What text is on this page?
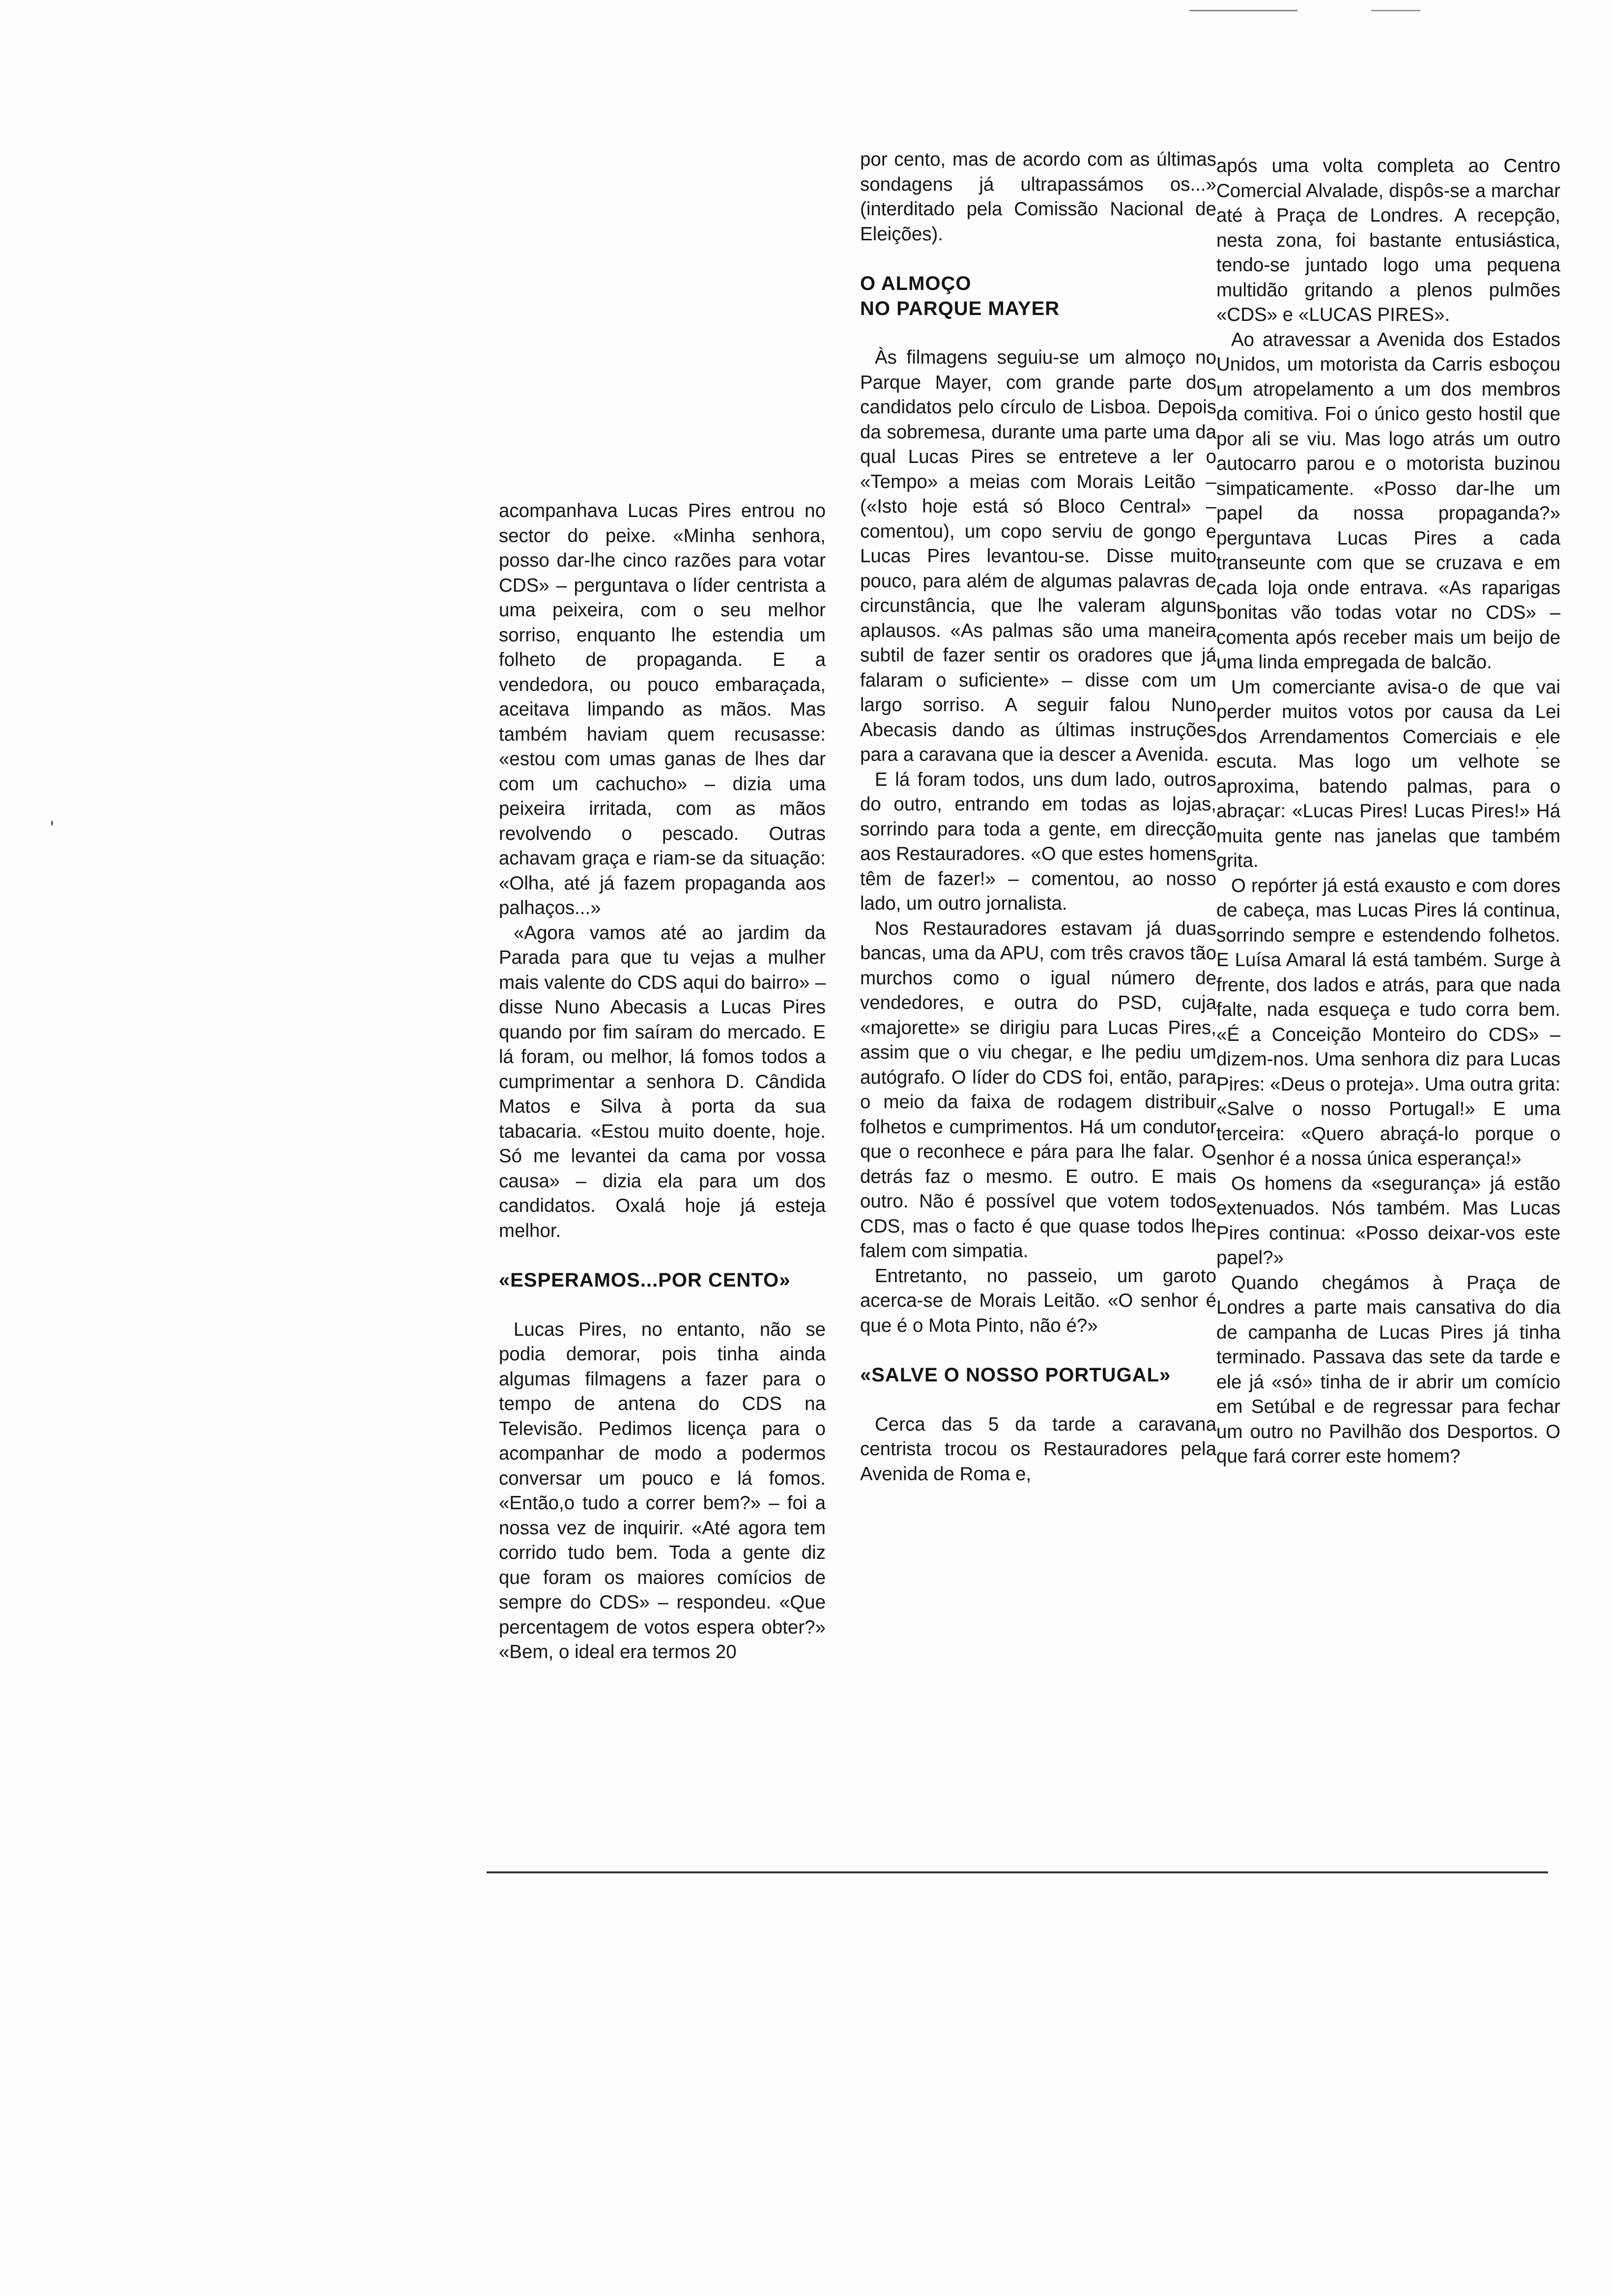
acompanhava Lucas Pires entrou no sector do peixe. «Minha senhora, posso dar-lhe cinco razões para votar CDS» – perguntava o líder centrista a uma peixeira, com o seu melhor sorriso, enquanto lhe estendia um folheto de propaganda. E a vendedora, ou pouco embaraçada, aceitava limpando as mãos. Mas também haviam quem recusasse: «estou com umas ganas de lhes dar com um cachucho» – dizia uma peixeira irritada, com as mãos revolvendo o pescado. Outras achavam graça e riam-se da situação: «Olha, até já fazem propaganda aos palhaços...»

«Agora vamos até ao jardim da Parada para que tu vejas a mulher mais valente do CDS aqui do bairro» – disse Nuno Abecasis a Lucas Pires quando por fim saíram do mercado. E lá foram, ou melhor, lá fomos todos a cumprimentar a senhora D. Cândida Matos e Silva à porta da sua tabacaria. «Estou muito doente, hoje. Só me levantei da cama por vossa causa» – dizia ela para um dos candidatos. Oxalá hoje já esteja melhor.

«ESPERAMOS...POR CENTO»

Lucas Pires, no entanto, não se podia demorar, pois tinha ainda algumas filmagens a fazer para o tempo de antena do CDS na Televisão. Pedimos licença para o acompanhar de modo a podermos conversar um pouco e lá fomos. «Então,o tudo a correr bem?» – foi a nossa vez de inquirir. «Até agora tem corrido tudo bem. Toda a gente diz que foram os maiores comícios de sempre do CDS» – respondeu. «Que percentagem de votos espera obter?» «Bem, o ideal era termos 20

por cento, mas de acordo com as últimas sondagens já ultrapassámos os...» (interditado pela Comissão Nacional de Eleições).

O ALMOÇO
NO PARQUE MAYER

Às filmagens seguiu-se um almoço no Parque Mayer, com grande parte dos candidatos pelo círculo de Lisboa. Depois da sobremesa, durante uma parte uma da qual Lucas Pires se entreteve a ler o «Tempo» a meias com Morais Leitão – («Isto hoje está só Bloco Central» – comentou), um copo serviu de gongo e Lucas Pires levantou-se. Disse muito pouco, para além de algumas palavras de circunstância, que lhe valeram alguns aplausos. «As palmas são uma maneira subtil de fazer sentir os oradores que já falaram o suficiente» – disse com um largo sorriso. A seguir falou Nuno Abecasis dando as últimas instruções para a caravana que ia descer a Avenida.

E lá foram todos, uns dum lado, outros do outro, entrando em todas as lojas, sorrindo para toda a gente, em direcção aos Restauradores. «O que estes homens têm de fazer!» – comentou, ao nosso lado, um outro jornalista.

Nos Restauradores estavam já duas bancas, uma da APU, com três cravos tão murchos como o igual número de vendedores, e outra do PSD, cuja «majorette» se dirigiu para Lucas Pires, assim que o viu chegar, e lhe pediu um autógrafo. O líder do CDS foi, então, para o meio da faixa de rodagem distribuir folhetos e cumprimentos. Há um condutor que o reconhece e pára para lhe falar. O detrás faz o mesmo. E outro. E mais outro. Não é possível que votem todos CDS, mas o facto é que quase todos lhe falem com simpatia.

Entretanto, no passeio, um garoto acerca-se de Morais Leitão. «O senhor é que é o Mota Pinto, não é?»

«SALVE O NOSSO PORTUGAL»

Cerca das 5 da tarde a caravana centrista trocou os Restauradores pela Avenida de Roma e,

após uma volta completa ao Centro Comercial Alvalade, dispôs-se a marchar até à Praça de Londres. A recepção, nesta zona, foi bastante entusiástica, tendo-se juntado logo uma pequena multidão gritando a plenos pulmões «CDS» e «LUCAS PIRES».

Ao atravessar a Avenida dos Estados Unidos, um motorista da Carris esboçou um atropelamento a um dos membros da comitiva. Foi o único gesto hostil que por ali se viu. Mas logo atrás um outro autocarro parou e o motorista buzinou simpaticamente. «Posso dar-lhe um papel da nossa propaganda?» perguntava Lucas Pires a cada transeunte com que se cruzava e em cada loja onde entrava. «As raparigas bonitas vão todas votar no CDS» – comenta após receber mais um beijo de uma linda empregada de balcão.

Um comerciante avisa-o de que vai perder muitos votos por causa da Lei dos Arrendamentos Comerciais e ele escuta. Mas logo um velhote se aproxima, batendo palmas, para o abraçar: «Lucas Pires! Lucas Pires!» Há muita gente nas janelas que também grita.

O repórter já está exausto e com dores de cabeça, mas Lucas Pires lá continua, sorrindo sempre e estendendo folhetos. E Luísa Amaral lá está também. Surge à frente, dos lados e atrás, para que nada falte, nada esqueça e tudo corra bem. «É a Conceição Monteiro do CDS» – dizem-nos. Uma senhora diz para Lucas Pires: «Deus o proteja». Uma outra grita: «Salve o nosso Portugal!» E uma terceira: «Quero abraçá-lo porque o senhor é a nossa única esperança!»

Os homens da «segurança» já estão extenuados. Nós também. Mas Lucas Pires continua: «Posso deixar-vos este papel?»

Quando chegámos à Praça de Londres a parte mais cansativa do dia de campanha de Lucas Pires já tinha terminado. Passava das sete da tarde e ele já «só» tinha de ir abrir um comício em Setúbal e de regressar para fechar um outro no Pavilhão dos Desportos. O que fará correr este homem?
